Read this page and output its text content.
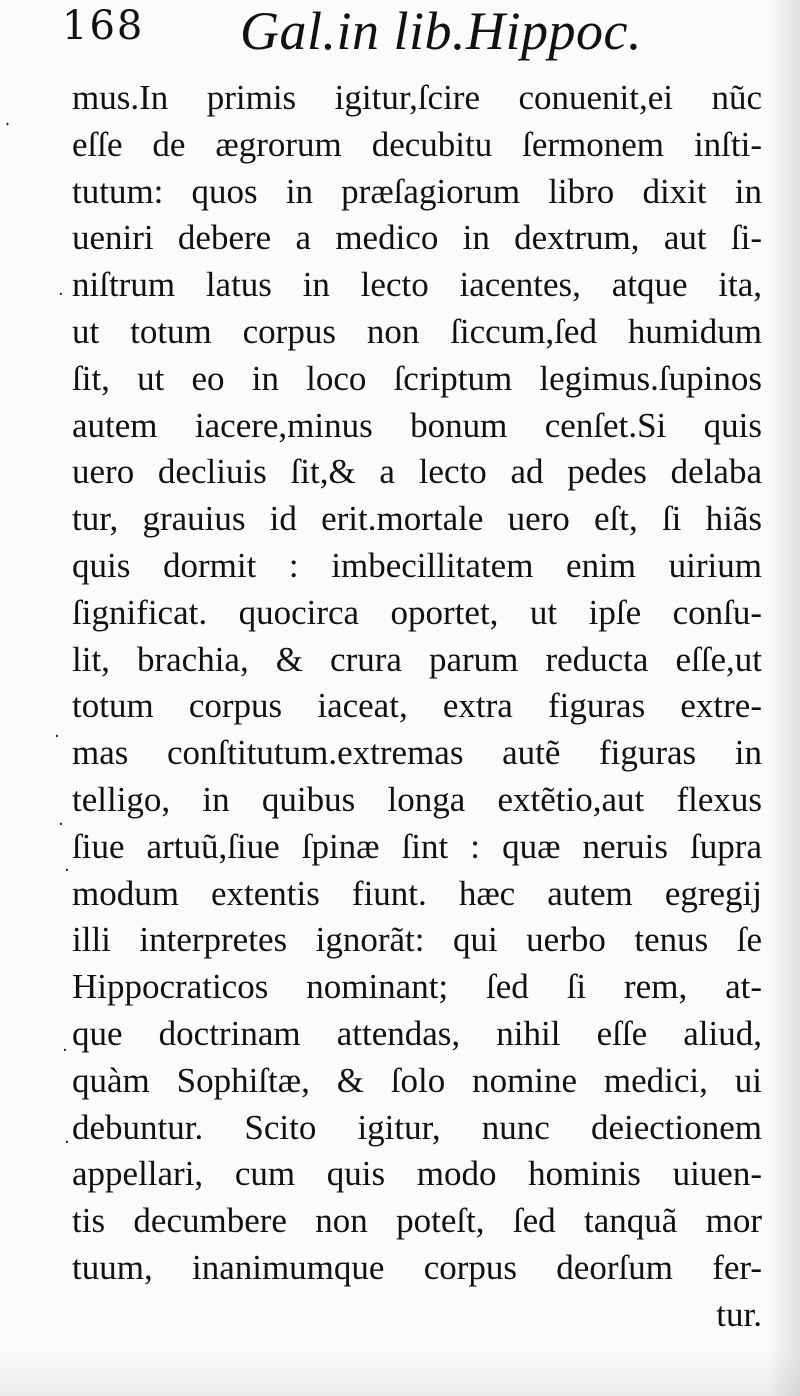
168 Gal.in lib.Hippoc.
mus.In primis igitur,ſcire conuenit,ei nũc
eſſe de ægrorum decubitu ſermonem inſti-
tutum: quos in præſagiorum libro dixit in
ueniri debere a medico in dextrum, aut ſi-
niſtrum latus in lecto iacentes, atque ita,
ut totum corpus non ſiccum,ſed humidum
ſit, ut eo in loco ſcriptum legimus.ſupinos
autem iacere,minus bonum cenſet.Si quis
uero decliuis ſit,& a lecto ad pedes delaba
tur, grauius id erit.mortale uero eſt, ſi hiãs
quis dormit : imbecillitatem enim uirium
ſignificat. quocirca oportet, ut ipſe conſu-
lit, brachia, & crura parum reducta eſſe,ut
totum corpus iaceat, extra figuras extre-
mas conſtitutum.extremas autẽ figuras in
telligo, in quibus longa extẽtio,aut flexus
ſiue artuũ,ſiue ſpinæ ſint : quæ neruis ſupra
modum extentis fiunt. hæc autem egregij
illi interpretes ignorãt: qui uerbo tenus ſe
Hippocraticos nominant; ſed ſi rem, at-
que doctrinam attendas, nihil eſſe aliud,
quàm Sophiſtæ, & ſolo nomine medici, ui
debuntur. Scito igitur, nunc deiectionem
appellari, cum quis modo hominis uiuen-
tis decumbere non poteſt, ſed tanquã mor
tuum, inanimumque corpus deorſum fer-
tur.
·
·
·
·
·
·
·
